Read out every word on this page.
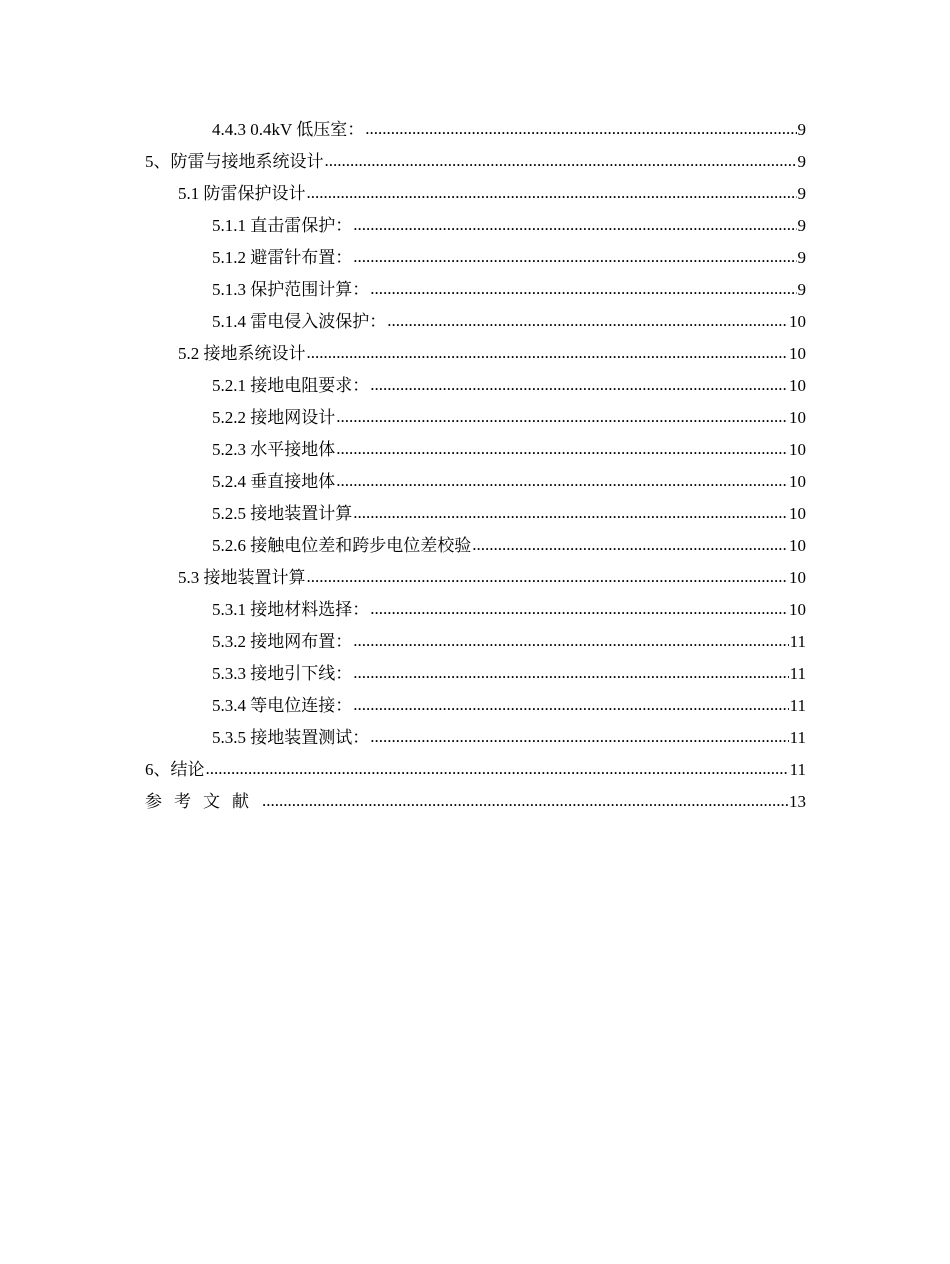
4.4.3 0.4kV 低压室： .....	9
5、防雷与接地系统设计 .....	9
5.1 防雷保护设计 .....	9
5.1.1 直击雷保护： .....	9
5.1.2 避雷针布置： .....	9
5.1.3 保护范围计算： .....	9
5.1.4 雷电侵入波保护： .....	10
5.2 接地系统设计 .....	10
5.2.1 接地电阻要求： .....	10
5.2.2 接地网设计 .....	10
5.2.3 水平接地体 .....	10
5.2.4 垂直接地体 .....	10
5.2.5 接地装置计算 .....	10
5.2.6 接触电位差和跨步电位差校验 .....	10
5.3 接地装置计算 .....	10
5.3.1 接地材料选择： .....	10
5.3.2 接地网布置： .....	11
5.3.3 接地引下线： .....	11
5.3.4 等电位连接： .....	11
5.3.5 接地装置测试： .....	11
6、结论 .....	11
参考文献 .....	13
